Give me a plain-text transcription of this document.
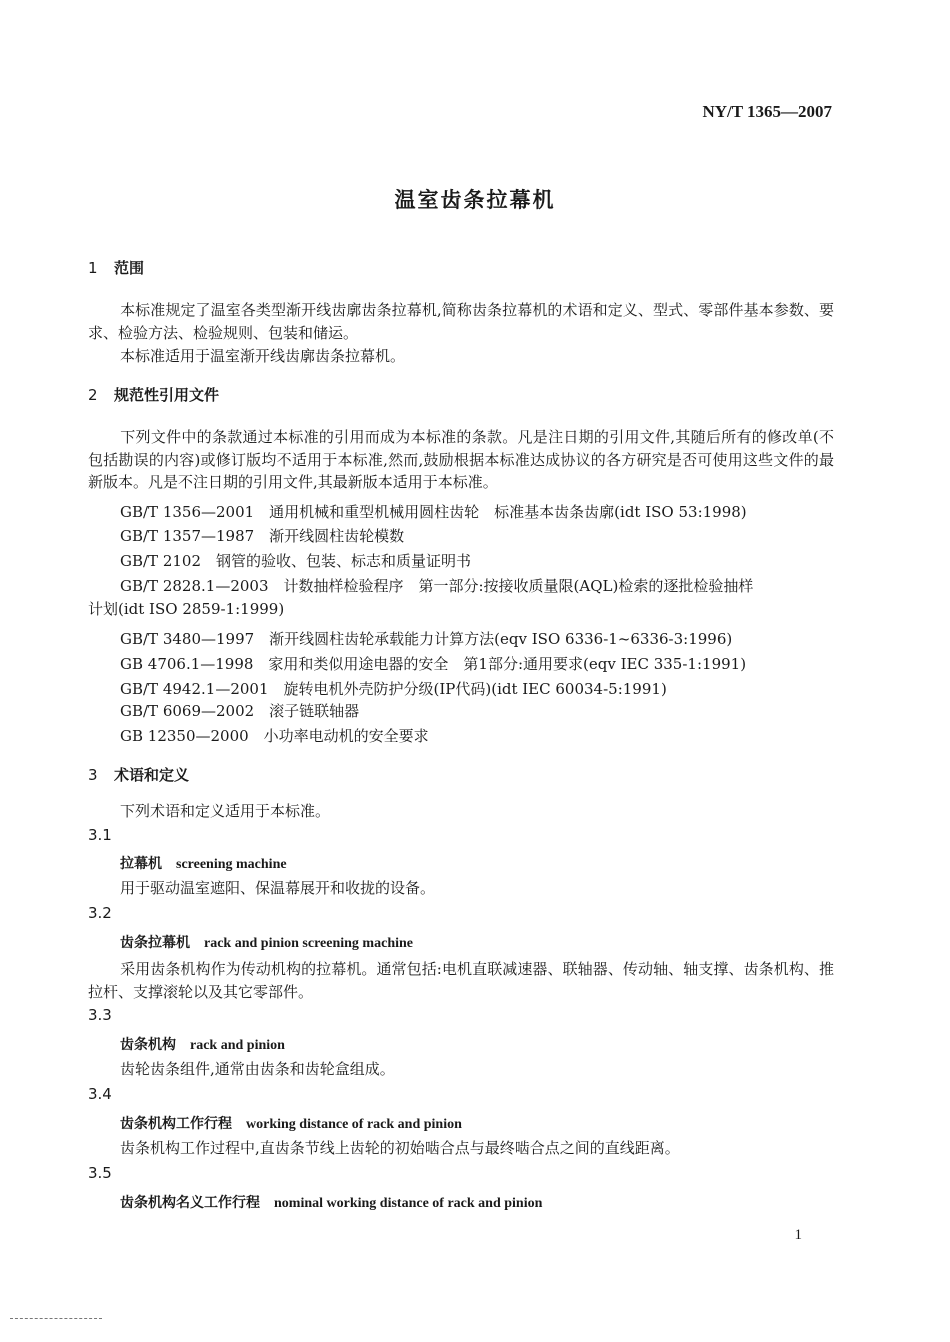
NY/T 1365—2007
温室齿条拉幕机
1 范围
本标准规定了温室各类型渐开线齿廓齿条拉幕机,简称齿条拉幕机的术语和定义、型式、零部件基本参数、要求、检验方法、检验规则、包装和储运。
本标准适用于温室渐开线齿廓齿条拉幕机。
2 规范性引用文件
下列文件中的条款通过本标准的引用而成为本标准的条款。凡是注日期的引用文件,其随后所有的修改单(不包括勘误的内容)或修订版均不适用于本标准,然而,鼓励根据本标准达成协议的各方研究是否可使用这些文件的最新版本。凡是不注日期的引用文件,其最新版本适用于本标准。
GB/T 1356—2001　通用机械和重型机械用圆柱齿轮　标准基本齿条齿廓(idt ISO 53:1998)
GB/T 1357—1987　渐开线圆柱齿轮模数
GB/T 2102　钢管的验收、包装、标志和质量证明书
GB/T 2828.1—2003　计数抽样检验程序　第一部分:按接收质量限(AQL)检索的逐批检验抽样
计划(idt ISO 2859-1:1999)
GB/T 3480—1997　渐开线圆柱齿轮承载能力计算方法(eqv ISO 6336-1~6336-3:1996)
GB 4706.1—1998　家用和类似用途电器的安全　第1部分:通用要求(eqv IEC 335-1:1991)
GB/T 4942.1—2001　旋转电机外壳防护分级(IP代码)(idt IEC 60034-5:1991)
GB/T 6069—2002　滚子链联轴器
GB 12350—2000　小功率电动机的安全要求
3 术语和定义
下列术语和定义适用于本标准。
3.1
拉幕机 screening machine
用于驱动温室遮阳、保温幕展开和收拢的设备。
3.2
齿条拉幕机 rack and pinion screening machine
采用齿条机构作为传动机构的拉幕机。通常包括:电机直联减速器、联轴器、传动轴、轴支撑、齿条机构、推拉杆、支撑滚轮以及其它零部件。
3.3
齿条机构 rack and pinion
齿轮齿条组件,通常由齿条和齿轮盒组成。
3.4
齿条机构工作行程 working distance of rack and pinion
齿条机构工作过程中,直齿条节线上齿轮的初始啮合点与最终啮合点之间的直线距离。
3.5
齿条机构名义工作行程 nominal working distance of rack and pinion
1
